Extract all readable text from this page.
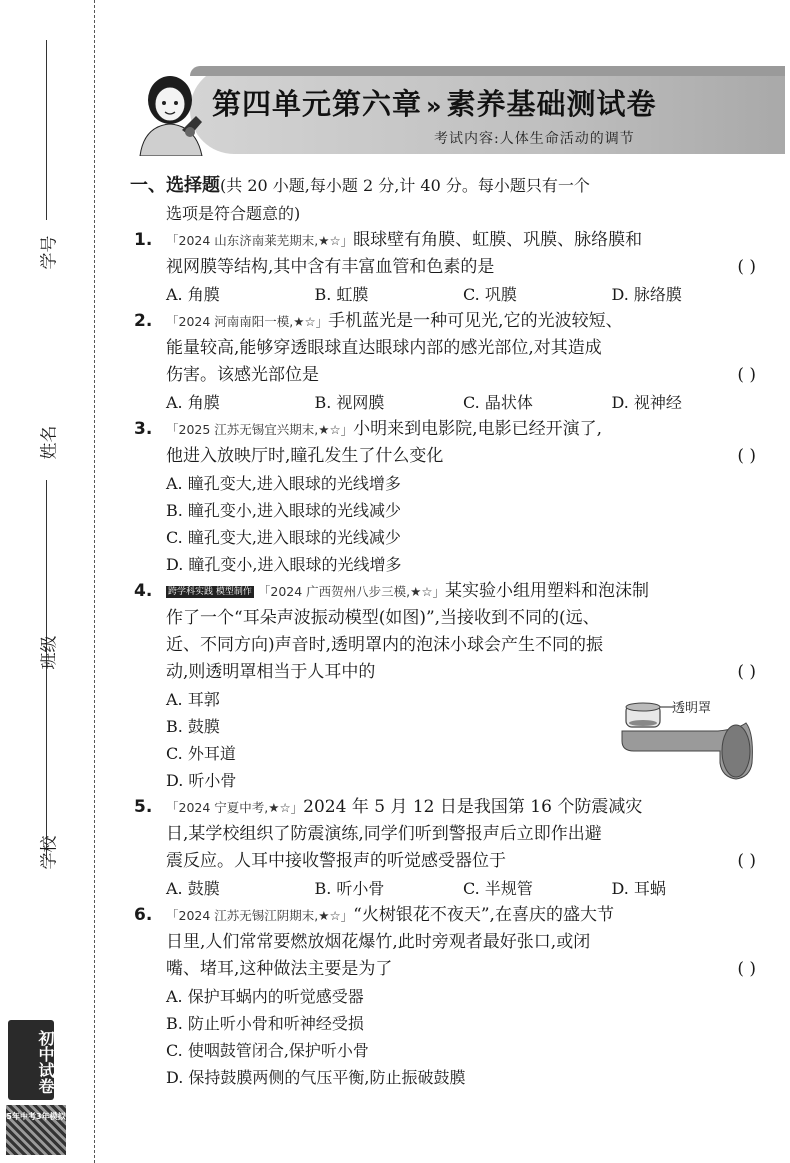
学号
姓名
班级
学校
初中试卷
5年中考3年模拟
第四单元第六章 » 素养基础测试卷
考试内容:人体生命活动的调节
一、选择题(共 20 小题,每小题 2 分,计 40 分。每小题只有一个
选项是符合题意的)
1. 「2024 山东济南莱芜期末,★☆」眼球壁有角膜、虹膜、巩膜、脉络膜和
视网膜等结构,其中含有丰富血管和色素的是	( )
A. 角膜	B. 虹膜	C. 巩膜	D. 脉络膜
2. 「2024 河南南阳一模,★☆」手机蓝光是一种可见光,它的光波较短、
能量较高,能够穿透眼球直达眼球内部的感光部位,对其造成
伤害。该感光部位是	( )
A. 角膜	B. 视网膜	C. 晶状体	D. 视神经
3. 「2025 江苏无锡宜兴期末,★☆」小明来到电影院,电影已经开演了,
他进入放映厅时,瞳孔发生了什么变化	( )
A. 瞳孔变大,进入眼球的光线增多
B. 瞳孔变小,进入眼球的光线减少
C. 瞳孔变大,进入眼球的光线减少
D. 瞳孔变小,进入眼球的光线增多
4. 跨学科实践 模型制作 「2024 广西贺州八步三模,★☆」某实验小组用塑料和泡沫制
作了一个“耳朵声波振动模型(如图)”,当接收到不同的(远、
近、不同方向)声音时,透明罩内的泡沫小球会产生不同的振
动,则透明罩相当于人耳中的	( )
A. 耳郭
B. 鼓膜
C. 外耳道
D. 听小骨
5. 「2024 宁夏中考,★☆」2024 年 5 月 12 日是我国第 16 个防震减灾
日,某学校组织了防震演练,同学们听到警报声后立即作出避
震反应。人耳中接收警报声的听觉感受器位于	( )
A. 鼓膜	B. 听小骨	C. 半规管	D. 耳蜗
6. 「2024 江苏无锡江阴期末,★☆」“火树银花不夜天”,在喜庆的盛大节
日里,人们常常要燃放烟花爆竹,此时旁观者最好张口,或闭
嘴、堵耳,这种做法主要是为了	( )
A. 保护耳蜗内的听觉感受器
B. 防止听小骨和听神经受损
C. 使咽鼓管闭合,保护听小骨
D. 保持鼓膜两侧的气压平衡,防止振破鼓膜
透明罩
